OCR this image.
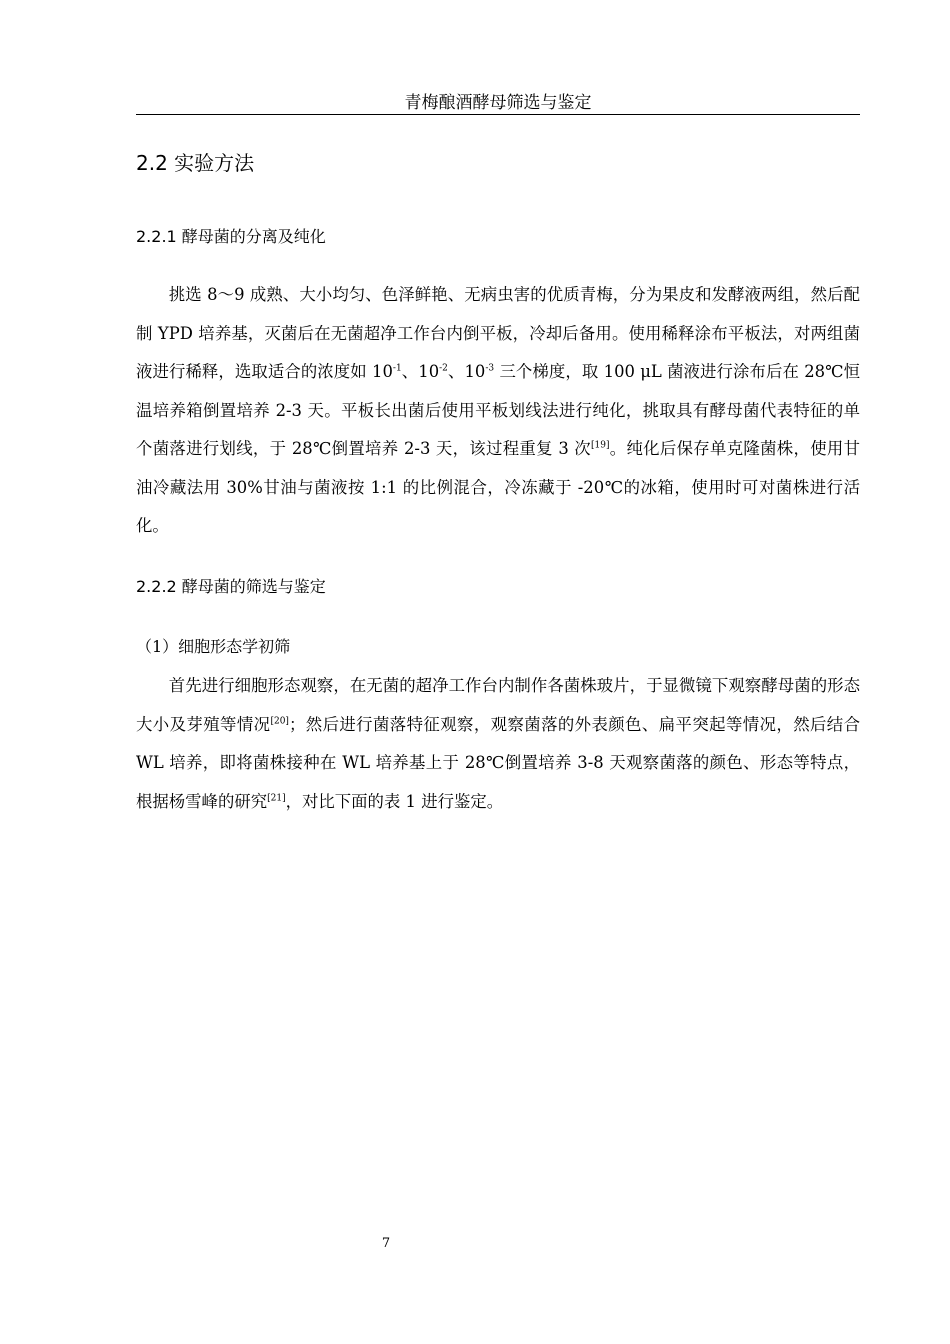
青梅酿酒酵母筛选与鉴定
2.2 实验方法
2.2.1 酵母菌的分离及纯化

挑选 8～9 成熟、大小均匀、色泽鲜艳、无病虫害的优质青梅，分为果皮和发酵液两组，然后配制 YPD 培养基，灭菌后在无菌超净工作台内倒平板，冷却后备用。使用稀释涂布平板法，对两组菌液进行稀释，选取适合的浓度如 $10^{-1}$、$10^{-2}$、$10^{-3}$ 三个梯度，取 100 μL 菌液进行涂布后在 28℃恒温培养箱倒置培养 2-3 天。平板长出菌后使用平板划线法进行纯化，挑取具有酵母菌代表特征的单个菌落进行划线，于 28℃倒置培养 2-3 天，该过程重复 3 次[19]。纯化后保存单克隆菌株，使用甘油冷藏法用 30%甘油与菌液按 1:1 的比例混合，冷冻藏于 -20℃的冰箱，使用时可对菌株进行活化。

2.2.2 酵母菌的筛选与鉴定
（1）细胞形态学初筛

首先进行细胞形态观察，在无菌的超净工作台内制作各菌株玻片，于显微镜下观察酵母菌的形态大小及芽殖等情况[20]；然后进行菌落特征观察，观察菌落的外表颜色、扁平突起等情况，然后结合 WL 培养，即将菌株接种在 WL 培养基上于 28℃倒置培养 3-8 天观察菌落的颜色、形态等特点，根据杨雪峰的研究[21]，对比下面的表 1 进行鉴定。

7
